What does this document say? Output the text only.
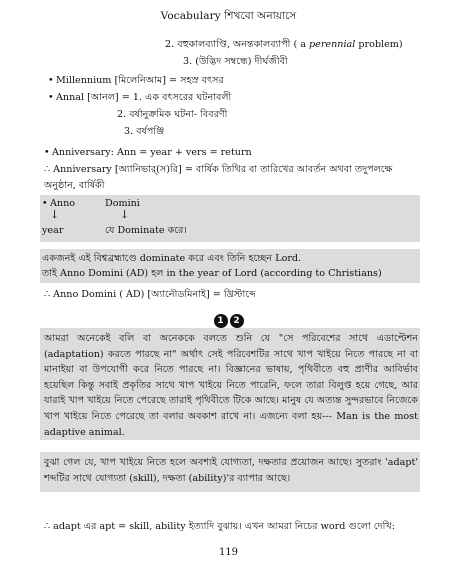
Vocabulary শিখবো অনায়াসে
2. বহুকালব্যাপ্তি, অনন্তকালব্যাপী ( a perennial problem)
3. (উদ্ভিদ সম্বন্ধে) দীর্ঘজীবী
• Millennium [মিলেনিআম] = সহস্র বৎসর
• Annal [আনল] = 1. এক বৎসরের ঘটনাবলী
2. বর্ষানুক্রমিক ঘটনা- বিবরণী
3. বর্ষপঞ্জি
• Anniversary: Ann = year + vers = return
∴ Anniversary [অ্যানিভার্(স)রি] = বার্ষিক তিথির বা তারিখের আবর্তন অথবা তদুপলক্ষে
অনুষ্ঠান, বার্ষিকী
• Anno	Domini
↓	↓
year	যে Dominate করে।
একজনই এই বিশ্বব্রহ্মাণ্ডে dominate করে এবং তিনি হচ্ছেন Lord.
তাই Anno Domini (AD) হল in the year of Lord (according to Christians)
∴ Anno Domini ( AD) [অ্যানৌডমিনাই] = খ্রিস্টাব্দে
1 2
আমরা অনেকেই বলি বা অনেককে বলতে শুনি যে "সে পরিবেশের সাথে এডাপ্টেশন (adaptation) করতে পারছে না" অর্থাৎ সেই পরিবেশটির সাথে খাপ খাইয়ে নিতে পারছে না বা মানাইয়া বা উপযোগী করে নিতে পারছে না। বিজ্ঞানের ভাষায়, পৃথিবীতে বহু প্রাণীর আবির্ভাব হয়েছিল কিন্তু সবাই প্রকৃতির সাথে খাপ খাইয়ে নিতে পারেনি, ফলে তারা বিলুপ্ত হয়ে গেছে, আর যারাই খাপ খাইয়ে নিতে পেরেছে তারাই পৃথিবীতে টিকে আছে। মানুষ যে অত্যন্ত সুন্দরভাবে নিজেকে খাপ খাইয়ে নিতে পেরেছে তা বলার অবকাশ রাখে না। এজন্যে বলা হয়--- Man is the most adaptive animal.
বুঝা গেল যে, খাপ খাইয়ে নিতে হলে অবশ্যই যোগ্যতা, দক্ষতার প্রয়োজন আছে। সুতরাং 'adapt' শব্দটির সাথে যোগ্যতা (skill), দক্ষতা (ability)'র ব্যাপার আছে।
∴ adapt এর apt = skill, ability ইত্যাদি বুঝায়। এখন আমরা নিচের word গুলো দেখি:
119
